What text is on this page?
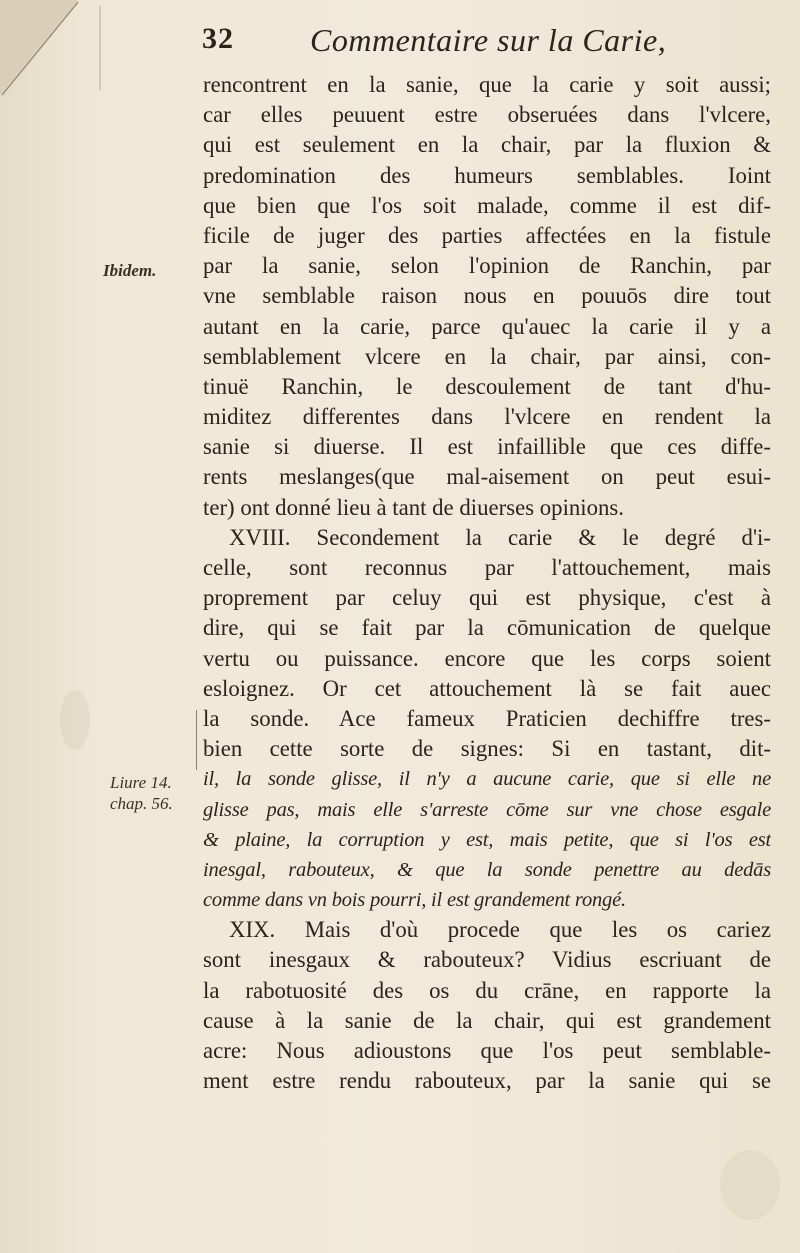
32 Commentaire sur la Carie,
Ibidem.
Liure 14.
chap. 56.
rencontrent en la sanie, que la carie y soit aussi;
car elles peuuent estre obseruées dans l'vlcere,
qui est seulement en la chair, par la fluxion &
predomination des humeurs semblables. Ioint
que bien que l'os soit malade, comme il est dif-
ficile de juger des parties affectées en la fistule
par la sanie, selon l'opinion de Ranchin, par
vne semblable raison nous en pouuōs dire tout
autant en la carie, parce qu'auec la carie il y a
semblablement vlcere en la chair, par ainsi, con-
tinuë Ranchin, le descoulement de tant d'hu-
miditez differentes dans l'vlcere en rendent la
sanie si diuerse. Il est infaillible que ces diffe-
rents meslanges(que mal-aisement on peut esui-
ter) ont donné lieu à tant de diuerses opinions.
XVIII. Secondement la carie & le degré d'i-
celle, sont reconnus par l'attouchement, mais
proprement par celuy qui est physique, c'est à
dire, qui se fait par la cōmunication de quelque
vertu ou puissance. encore que les corps soient
esloignez. Or cet attouchement là se fait auec
la sonde. Ace fameux Praticien dechiffre tres-
bien cette sorte de signes: Si en tastant, dit-
il, la sonde glisse, il n'y a aucune carie, que si elle ne
glisse pas, mais elle s'arreste cōme sur vne chose esgale
& plaine, la corruption y est, mais petite, que si l'os est
inesgal, rabouteux, & que la sonde penettre au dedās
comme dans vn bois pourri, il est grandement rongé.
XIX. Mais d'où procede que les os cariez
sont inesgaux & rabouteux? Vidius escriuant de
la rabotuosité des os du crāne, en rapporte la
cause à la sanie de la chair, qui est grandement
acre: Nous adioustons que l'os peut semblable-
ment estre rendu rabouteux, par la sanie qui se
